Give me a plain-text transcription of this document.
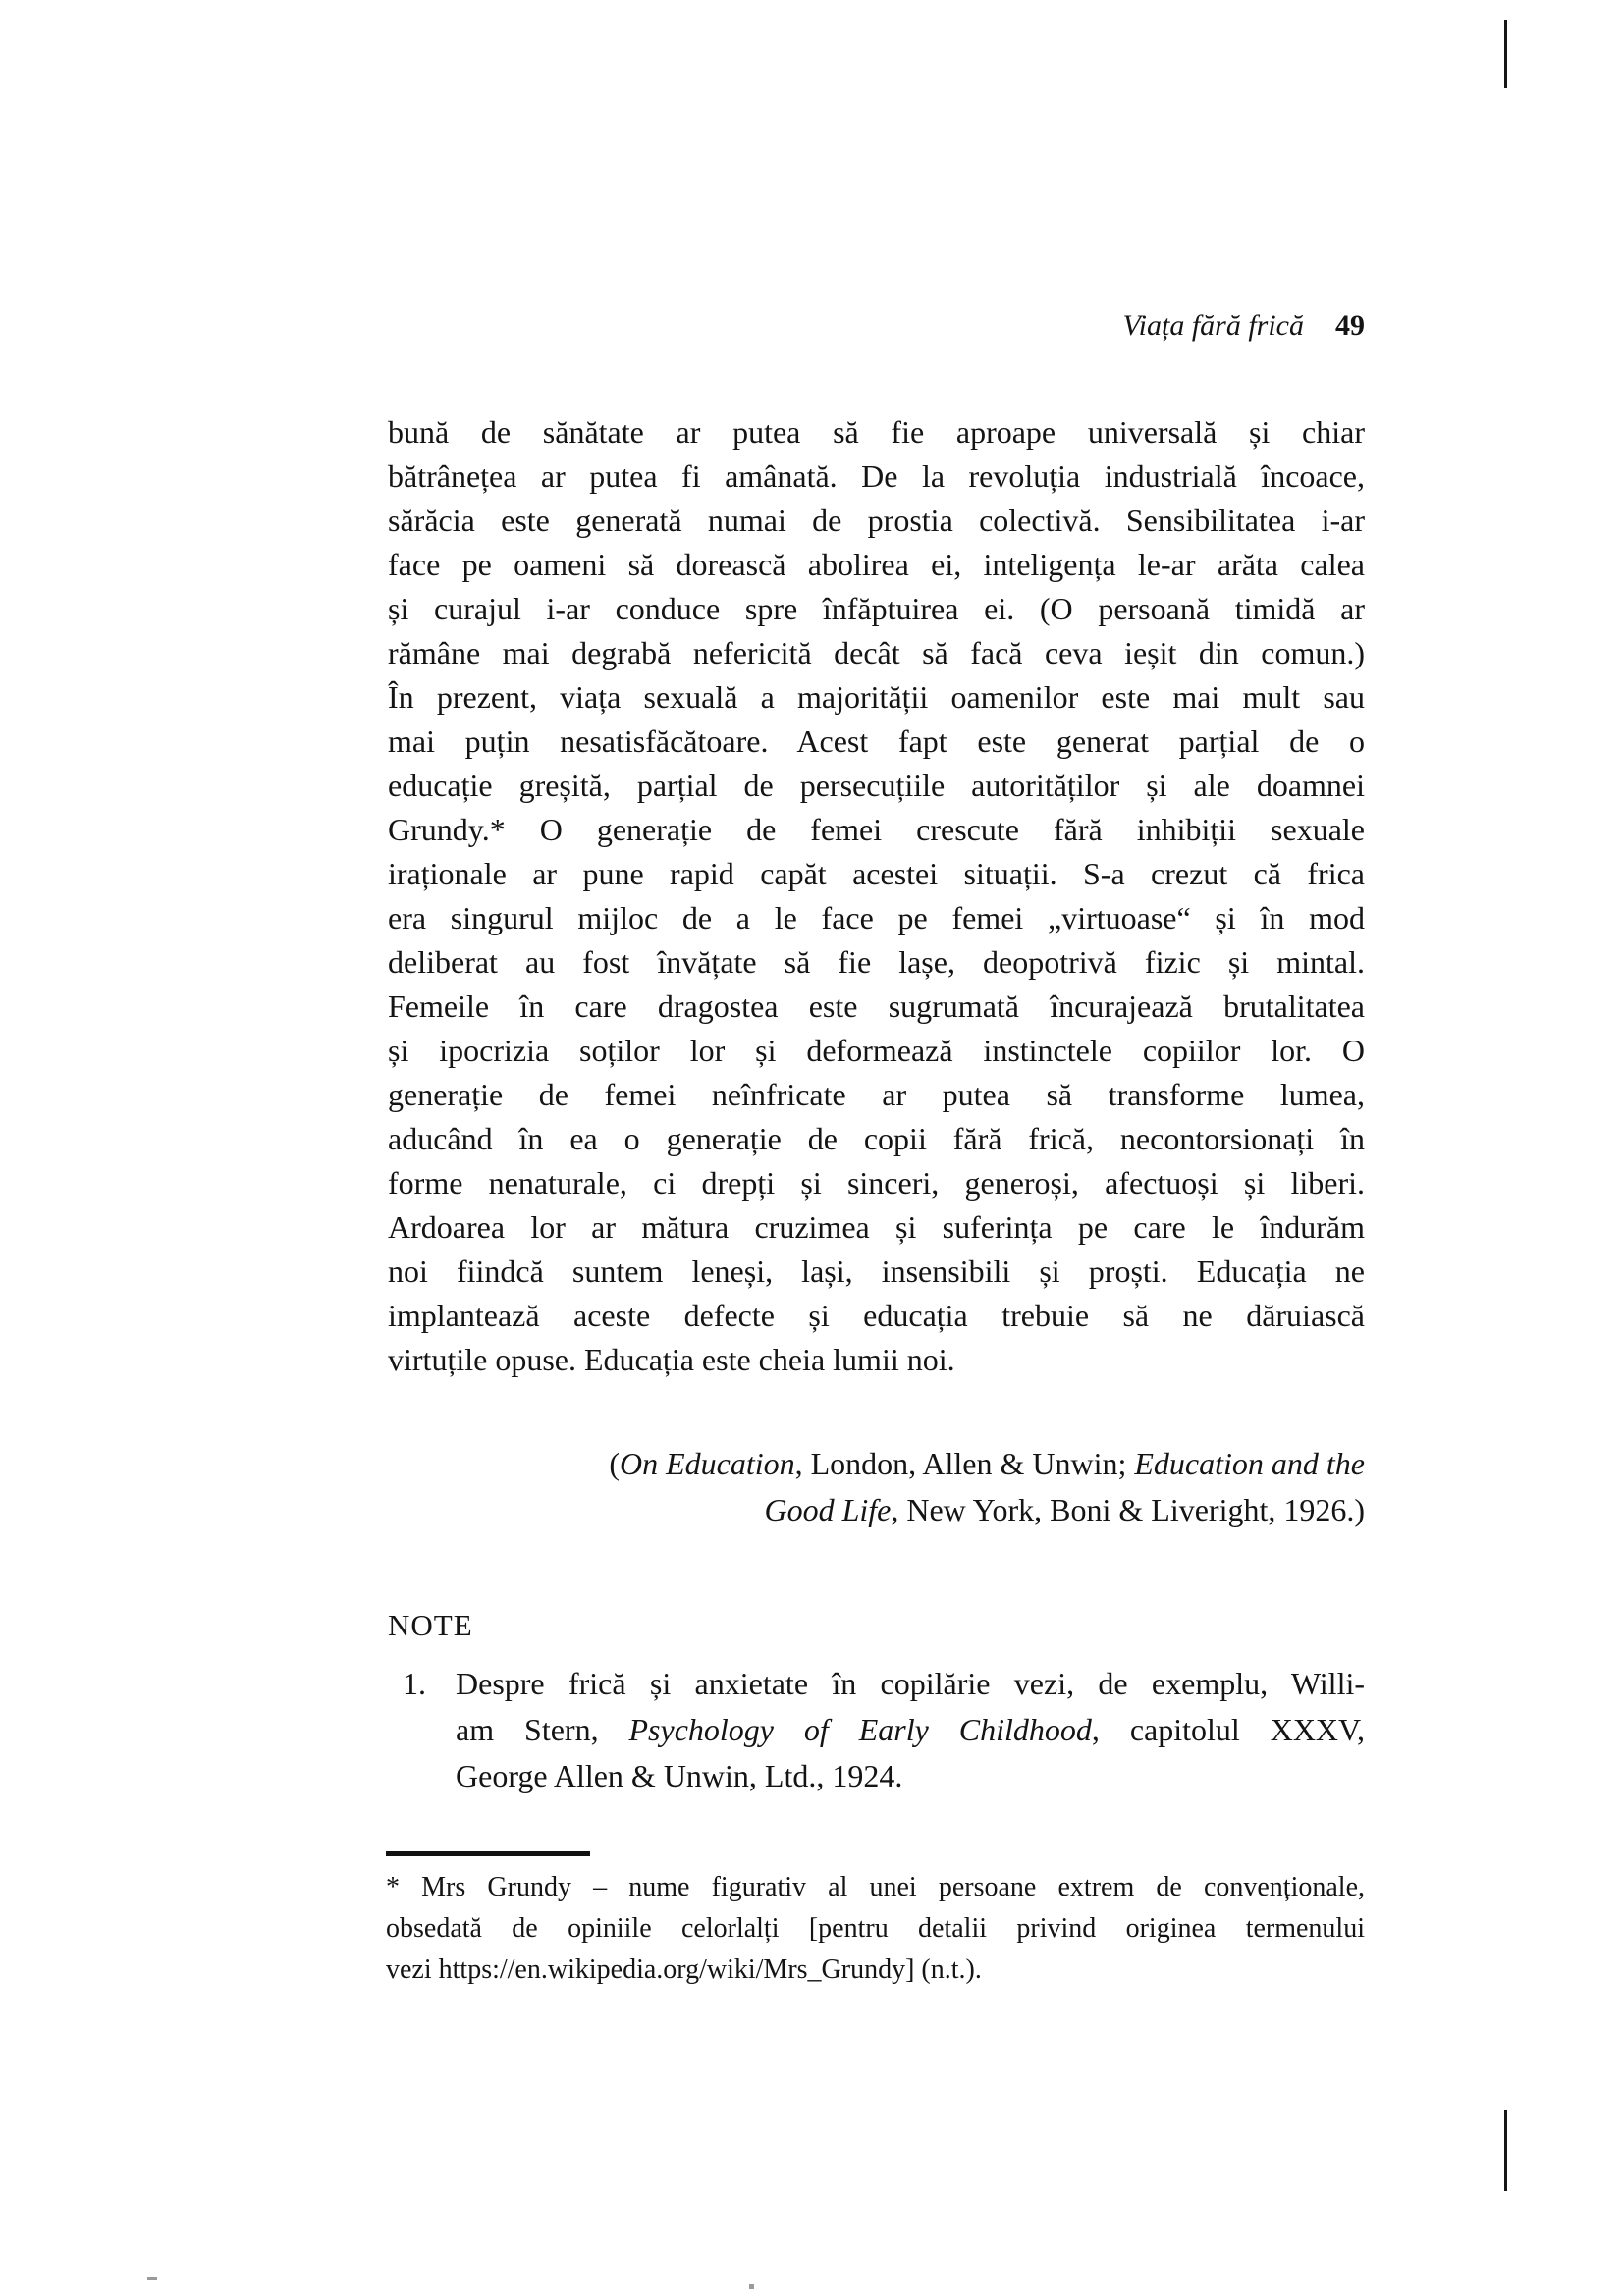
Viața fără frică 49
bună de sănătate ar putea să fie aproape universală și chiar
bătrânețea ar putea fi amânată. De la revoluția industrială încoace,
sărăcia este generată numai de prostia colectivă. Sensibilitatea i-ar
face pe oameni să dorească abolirea ei, inteligența le-ar arăta calea
și curajul i-ar conduce spre înfăptuirea ei. (O persoană timidă ar
rămâne mai degrabă nefericită decât să facă ceva ieșit din comun.)
În prezent, viața sexuală a majorității oamenilor este mai mult sau
mai puțin nesatisfăcătoare. Acest fapt este generat parțial de o
educație greșită, parțial de persecuțiile autorităților și ale doamnei
Grundy.* O generație de femei crescute fără inhibiții sexuale
iraționale ar pune rapid capăt acestei situații. S-a crezut că frica
era singurul mijloc de a le face pe femei „virtuoase“ și în mod
deliberat au fost învățate să fie lașe, deopotrivă fizic și mintal.
Femeile în care dragostea este sugrumată încurajează brutalitatea
și ipocrizia soților lor și deformează instinctele copiilor lor. O
generație de femei neînfricate ar putea să transforme lumea,
aducând în ea o generație de copii fără frică, necontorsionați în
forme nenaturale, ci drepți și sinceri, generoși, afectuoși și liberi.
Ardoarea lor ar mătura cruzimea și suferința pe care le îndurăm
noi fiindcă suntem leneși, lași, insensibili și proști. Educația ne
implantează aceste defecte și educația trebuie să ne dăruiască
virtuțile opuse. Educația este cheia lumii noi.
(On Education, London, Allen & Unwin; Education and the
Good Life, New York, Boni & Liveright, 1926.)
NOTE
1. Despre frică și anxietate în copilărie vezi, de exemplu, Willi-
am Stern, Psychology of Early Childhood, capitolul XXXV,
George Allen & Unwin, Ltd., 1924.
* Mrs Grundy – nume figurativ al unei persoane extrem de convenționale,
obsedată de opiniile celorlalți [pentru detalii privind originea termenului
vezi https://en.wikipedia.org/wiki/Mrs_Grundy] (n.t.).
